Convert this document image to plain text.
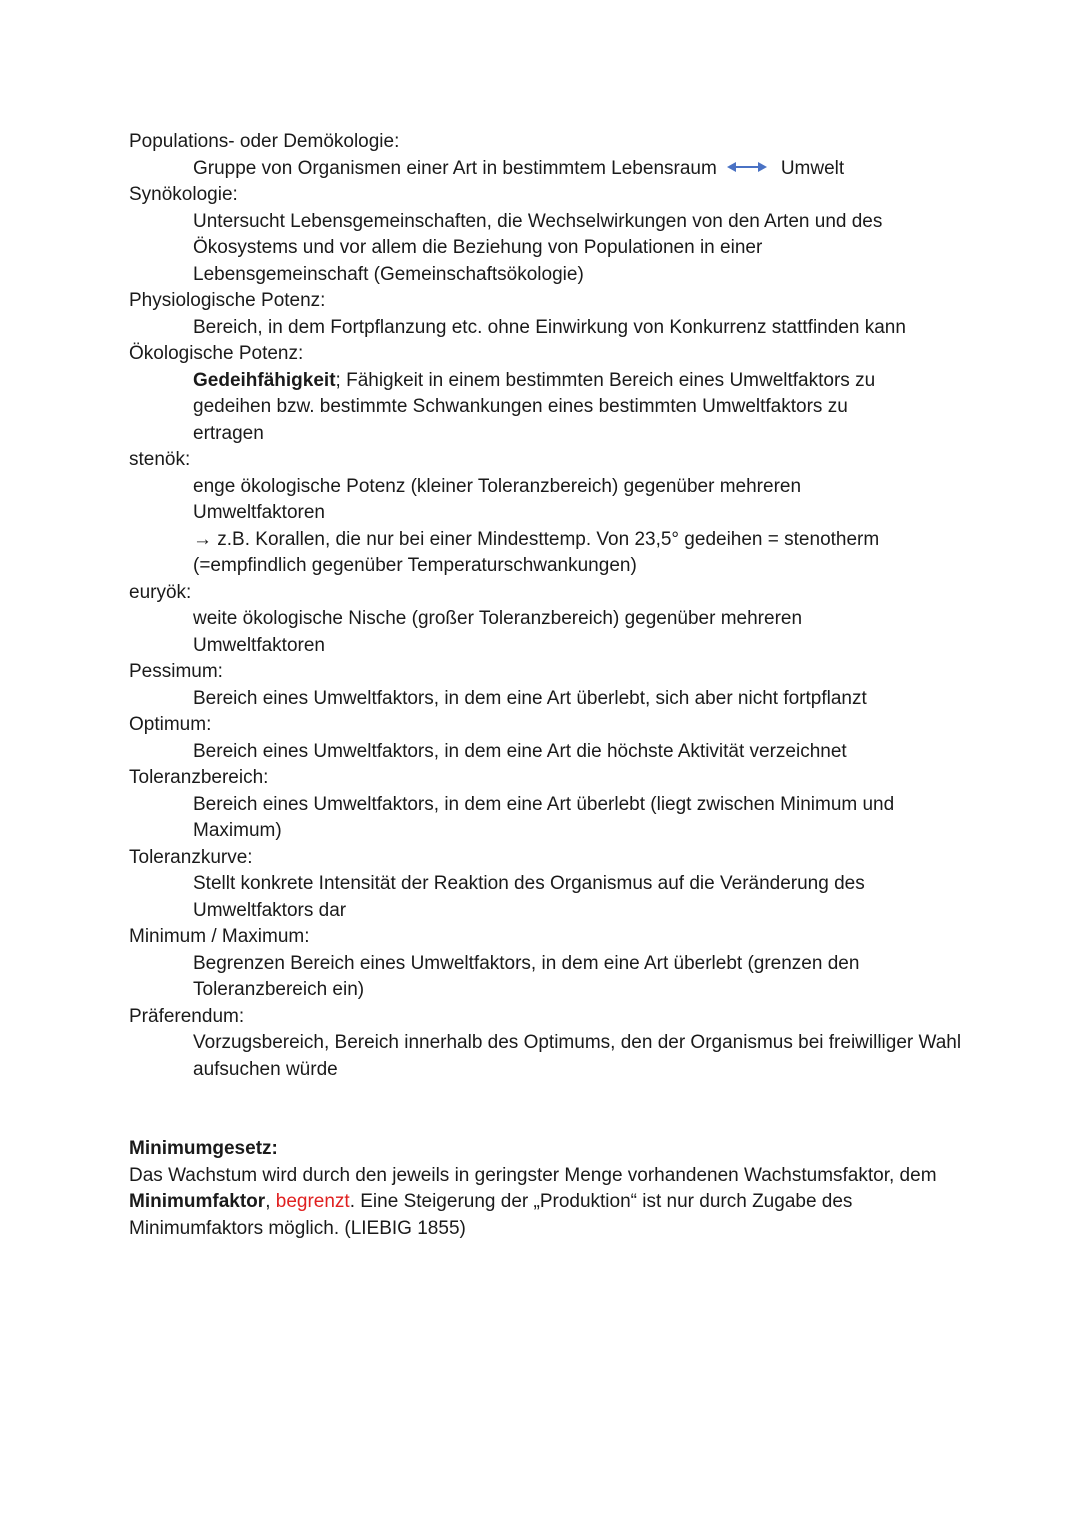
Populations- oder Demökologie:

Gruppe von Organismen einer Art in bestimmtem Lebensraum	Umwelt

Synökologie:

Untersucht Lebensgemeinschaften, die Wechselwirkungen von den Arten und des Ökosystems und vor allem die Beziehung von Populationen in einer Lebensgemeinschaft (Gemeinschaftsökologie)

Physiologische Potenz:

Bereich, in dem Fortpflanzung etc. ohne Einwirkung von Konkurrenz stattfinden kann

Ökologische Potenz:

Gedeihfähigkeit; Fähigkeit in einem bestimmten Bereich eines Umweltfaktors zu gedeihen bzw. bestimmte Schwankungen eines bestimmten Umweltfaktors zu ertragen

stenök:

enge ökologische Potenz (kleiner Toleranzbereich) gegenüber mehreren Umweltfaktoren

→ z.B. Korallen, die nur bei einer Mindesttemp. Von 23,5° gedeihen = stenotherm (=empfindlich gegenüber Temperaturschwankungen)

euryök:

weite ökologische Nische (großer Toleranzbereich) gegenüber mehreren Umweltfaktoren

Pessimum:

Bereich eines Umweltfaktors, in dem eine Art überlebt, sich aber nicht fortpflanzt

Optimum:

Bereich eines Umweltfaktors, in dem eine Art die höchste Aktivität verzeichnet

Toleranzbereich:

Bereich eines Umweltfaktors, in dem eine Art überlebt (liegt zwischen Minimum und Maximum)

Toleranzkurve:

Stellt konkrete Intensität der Reaktion des Organismus auf die Veränderung des Umweltfaktors dar

Minimum / Maximum:

Begrenzen Bereich eines Umweltfaktors, in dem eine Art überlebt (grenzen den Toleranzbereich ein)

Präferendum:

Vorzugsbereich, Bereich innerhalb des Optimums, den der Organismus bei freiwilliger Wahl aufsuchen würde

Minimumgesetz:

Das Wachstum wird durch den jeweils in geringster Menge vorhandenen Wachstumsfaktor, dem Minimumfaktor, begrenzt. Eine Steigerung der „Produktion“ ist nur durch Zugabe des Minimumfaktors möglich. (LIEBIG 1855)
